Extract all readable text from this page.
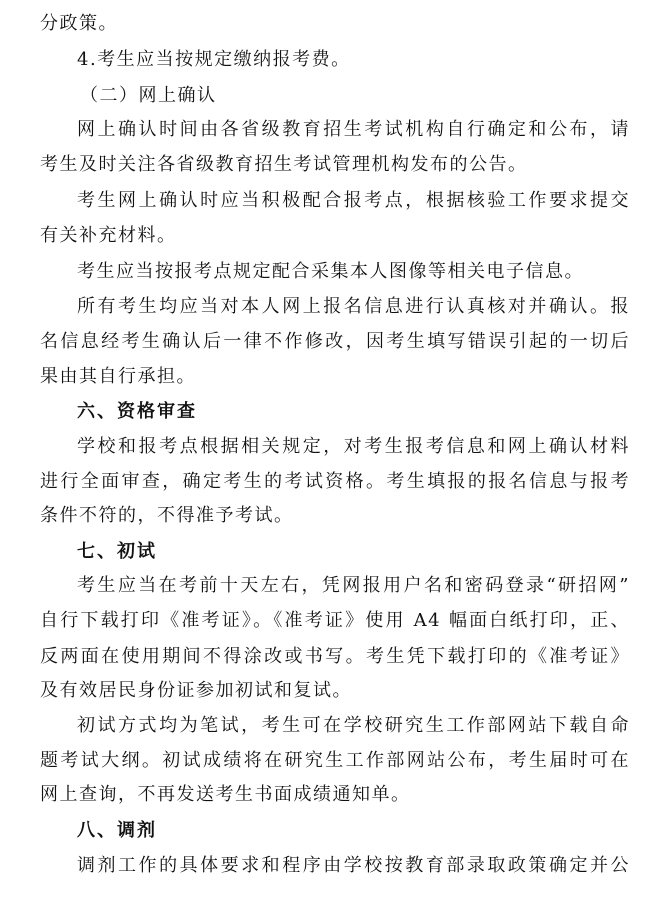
分政策。
4.考生应当按规定缴纳报考费。
（二）网上确认
网上确认时间由各省级教育招生考试机构自行确定和公布，请
考生及时关注各省级教育招生考试管理机构发布的公告。
考生网上确认时应当积极配合报考点，根据核验工作要求提交
有关补充材料。
考生应当按报考点规定配合采集本人图像等相关电子信息。
所有考生均应当对本人网上报名信息进行认真核对并确认。报
名信息经考生确认后一律不作修改，因考生填写错误引起的一切后
果由其自行承担。
六、资格审查
学校和报考点根据相关规定，对考生报考信息和网上确认材料
进行全面审查，确定考生的考试资格。考生填报的报名信息与报考
条件不符的，不得准予考试。
七、初试
考生应当在考前十天左右，凭网报用户名和密码登录“研招网”
自行下载打印《准考证》。《准考证》使用 A4 幅面白纸打印，正、
反两面在使用期间不得涂改或书写。考生凭下载打印的《准考证》
及有效居民身份证参加初试和复试。
初试方式均为笔试，考生可在学校研究生工作部网站下载自命
题考试大纲。初试成绩将在研究生工作部网站公布，考生届时可在
网上查询，不再发送考生书面成绩通知单。
八、调剂
调剂工作的具体要求和程序由学校按教育部录取政策确定并公
